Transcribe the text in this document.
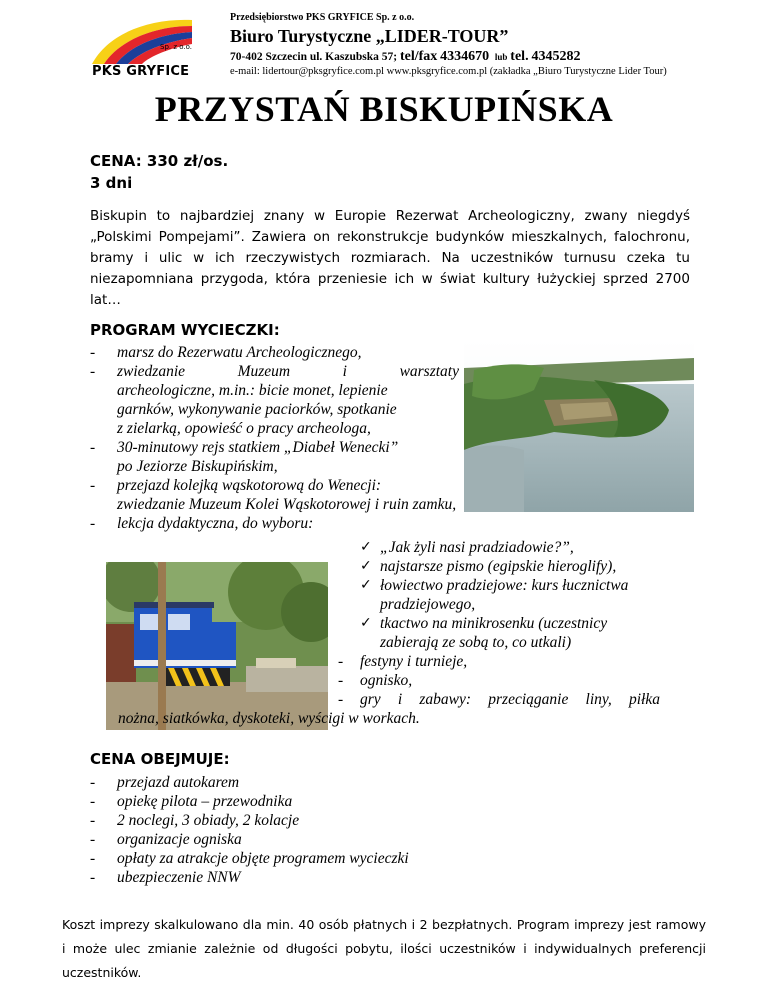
Sp. z o.o.
PKS GRYFICE
Przedsiębiorstwo PKS GRYFICE Sp. z o.o.
Biuro Turystyczne „LIDER-TOUR”
70-402 Szczecin ul. Kaszubska 57; tel/fax 4334670 lub tel. 4345282
e-mail: lidertour@pksgryfice.com.pl www.pksgryfice.com.pl (zakładka „Biuro Turystyczne Lider Tour)
PRZYSTAŃ BISKUPIŃSKA
CENA: 330 zł/os.
3 dni
Biskupin to najbardziej znany w Europie Rezerwat Archeologiczny, zwany niegdyś „Polskimi Pompejami”. Zawiera on rekonstrukcje budynków mieszkalnych, falochronu, bramy i ulic w ich rzeczywistych rozmiarach. Na uczestników turnusu czeka tu niezapomniana przygoda, która przeniesie ich w świat kultury łużyckiej sprzed 2700 lat…
PROGRAM WYCIECZKI:
- marsz do Rezerwatu Archeologicznego,
- zwiedzanie Muzeum i warsztaty
archeologiczne, m.in.: bicie monet, lepienie
garnków, wykonywanie paciorków, spotkanie
z zielarką, opowieść o pracy archeologa,
- 30-minutowy rejs statkiem „Diabeł Wenecki”
po Jeziorze Biskupińskim,
- przejazd kolejką wąskotorową do Wenecji:
zwiedzanie Muzeum Kolei Wąskotorowej i ruin zamku,
- lekcja dydaktyczna, do wyboru:
✓ „Jak żyli nasi pradziadowie?”,
✓ najstarsze pismo (egipskie hieroglify),
✓ łowiectwo pradziejowe: kurs łucznictwa
pradziejowego,
✓ tkactwo na minikrosenku (uczestnicy
zabierają ze sobą to, co utkali)
- festyny i turnieje,
- ognisko,
- gry i zabawy: przeciąganie liny, piłka
nożna, siatkówka, dyskoteki, wyścigi w workach.
CENA OBEJMUJE:
- przejazd autokarem
- opiekę pilota – przewodnika
- 2 noclegi, 3 obiady, 2 kolacje
- organizacje ogniska
- opłaty za atrakcje objęte programem wycieczki
- ubezpieczenie NNW
Koszt imprezy skalkulowano dla min. 40 osób płatnych i 2 bezpłatnych. Program imprezy jest ramowy i może ulec zmianie zależnie od długości pobytu, ilości uczestników i indywidualnych preferencji uczestników.
